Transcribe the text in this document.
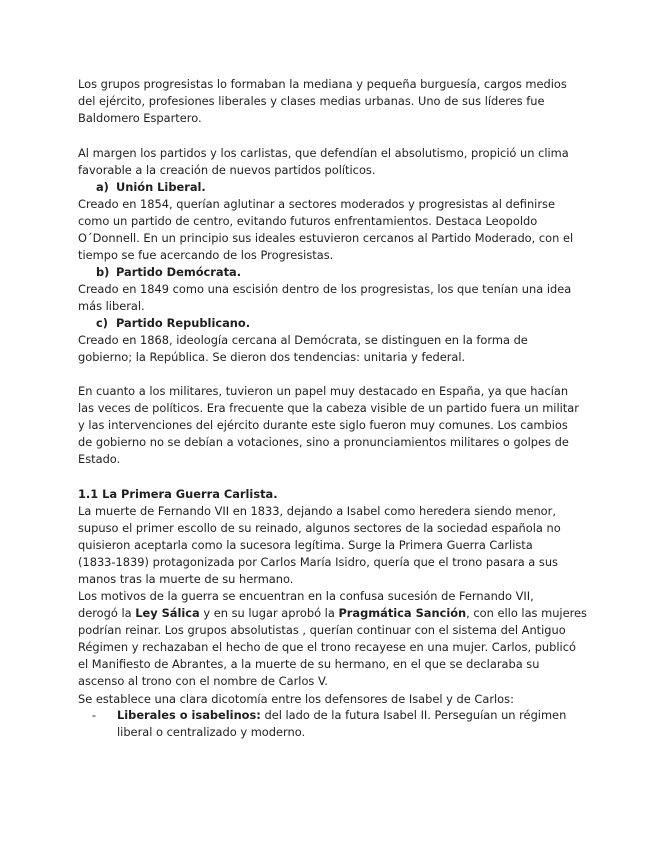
Los grupos progresistas lo formaban la mediana y pequeña burguesía, cargos medios
del ejército, profesiones liberales y clases medias urbanas. Uno de sus líderes fue
Baldomero Espartero.
Al margen los partidos y los carlistas, que defendían el absolutismo, propició un clima
favorable a la creación de nuevos partidos políticos.
a) Unión Liberal.
Creado en 1854, querían aglutinar a sectores moderados y progresistas al definirse
como un partido de centro, evitando futuros enfrentamientos. Destaca Leopoldo
O´Donnell. En un principio sus ideales estuvieron cercanos al Partido Moderado, con el
tiempo se fue acercando de los Progresistas.
b) Partido Demócrata.
Creado en 1849 como una escisión dentro de los progresistas, los que tenían una idea
más liberal.
c) Partido Republicano.
Creado en 1868, ideología cercana al Demócrata, se distinguen en la forma de
gobierno; la República. Se dieron dos tendencias: unitaria y federal.
En cuanto a los militares, tuvieron un papel muy destacado en España, ya que hacían
las veces de políticos. Era frecuente que la cabeza visible de un partido fuera un militar
y las intervenciones del ejército durante este siglo fueron muy comunes. Los cambios
de gobierno no se debían a votaciones, sino a pronunciamientos militares o golpes de
Estado.
1.1 La Primera Guerra Carlista.
La muerte de Fernando VII en 1833, dejando a Isabel como heredera siendo menor,
supuso el primer escollo de su reinado, algunos sectores de la sociedad española no
quisieron aceptarla como la sucesora legítima. Surge la Primera Guerra Carlista
(1833-1839) protagonizada por Carlos María Isidro, quería que el trono pasara a sus
manos tras la muerte de su hermano.
Los motivos de la guerra se encuentran en la confusa sucesión de Fernando VII,
derogó la Ley Sálica y en su lugar aprobó la Pragmática Sanción, con ello las mujeres
podrían reinar. Los grupos absolutistas , querían continuar con el sistema del Antiguo
Régimen y rechazaban el hecho de que el trono recayese en una mujer. Carlos, publicó
el Manifiesto de Abrantes, a la muerte de su hermano, en el que se declaraba su
ascenso al trono con el nombre de Carlos V.
Se establece una clara dicotomía entre los defensores de Isabel y de Carlos:
- Liberales o isabelinos: del lado de la futura Isabel II. Perseguían un régimen
liberal o centralizado y moderno.
